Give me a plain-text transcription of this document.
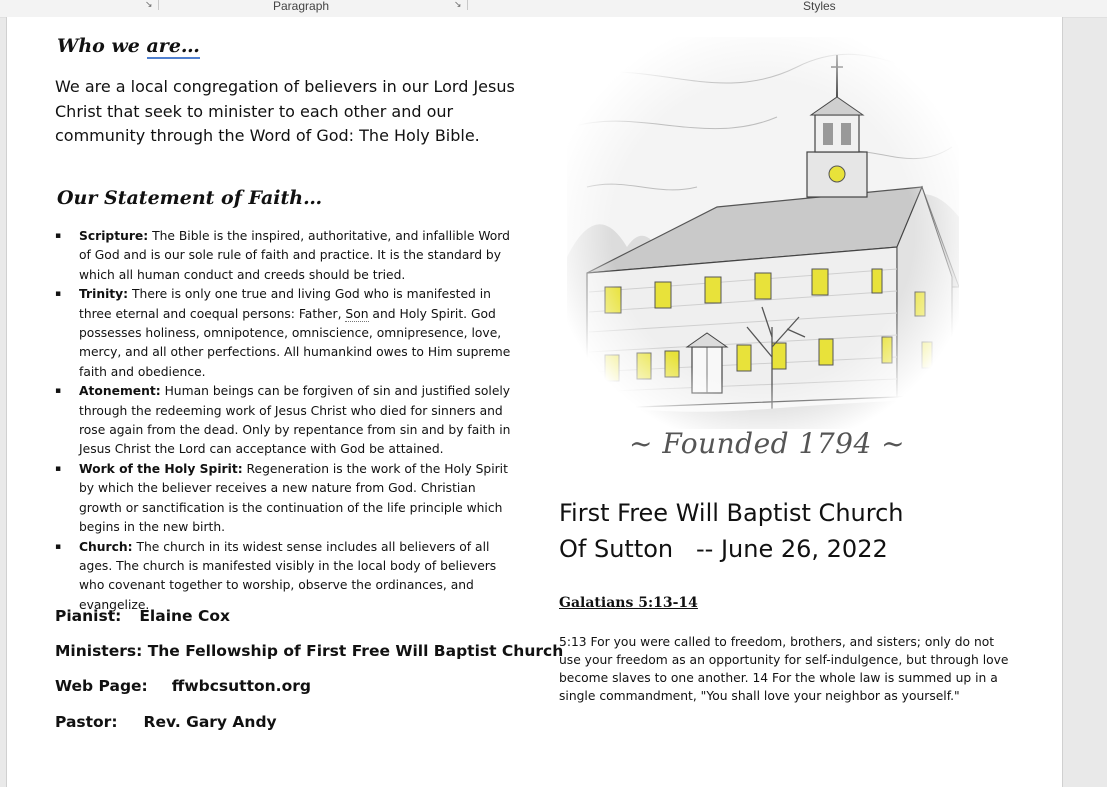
↘	Paragraph	↘	Styles
Who we are…
We are a local congregation of believers in our Lord Jesus Christ that seek to minister to each other and our community through the Word of God: The Holy Bible.
Our Statement of Faith…
▪ Scripture: The Bible is the inspired, authoritative, and infallible Word of God and is our sole rule of faith and practice. It is the standard by which all human conduct and creeds should be tried.
▪ Trinity: There is only one true and living God who is manifested in three eternal and coequal persons: Father, Son and Holy Spirit. God possesses holiness, omnipotence, omniscience, omnipresence, love, mercy, and all other perfections. All humankind owes to Him supreme faith and obedience.
▪ Atonement: Human beings can be forgiven of sin and justified solely through the redeeming work of Jesus Christ who died for sinners and rose again from the dead. Only by repentance from sin and by faith in Jesus Christ the Lord can acceptance with God be attained.
▪ Work of the Holy Spirit: Regeneration is the work of the Holy Spirit by which the believer receives a new nature from God. Christian growth or sanctification is the continuation of the life principle which begins in the new birth.
▪ Church: The church in its widest sense includes all believers of all ages. The church is manifested visibly in the local body of believers who covenant together to worship, observe the ordinances, and evangelize.
Pianist: Elaine Cox
Ministers: The Fellowship of First Free Will Baptist Church
Web Page: ffwbcsutton.org
Pastor: Rev. Gary Andy
~ Founded 1794 ~
First Free Will Baptist Church
Of Sutton   -- June 26, 2022
Galatians 5:13-14
5:13 For you were called to freedom, brothers, and sisters; only do not use your freedom as an opportunity for self-indulgence, but through love become slaves to one another. 14 For the whole law is summed up in a single commandment, "You shall love your neighbor as yourself."
